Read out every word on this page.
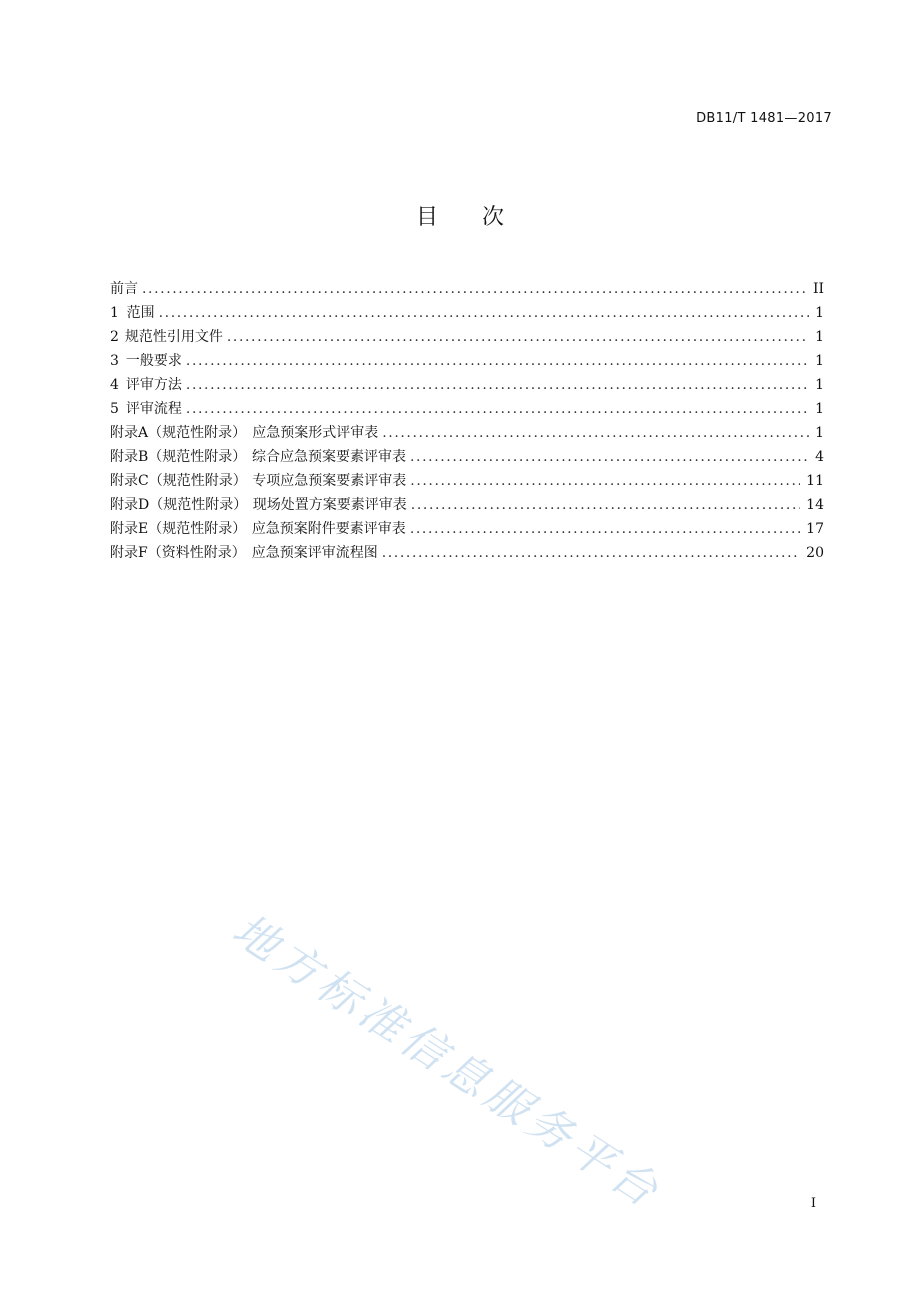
DB11/T 1481—2017
目 次
前言 .....	II
1 范围 .....	1
2 规范性引用文件 .....	1
3 一般要求 .....	1
4 评审方法 .....	1
5 评审流程 .....	1
附录A（规范性附录） 应急预案形式评审表 .....	1
附录B（规范性附录） 综合应急预案要素评审表 .....	4
附录C（规范性附录） 专项应急预案要素评审表 .....	11
附录D（规范性附录） 现场处置方案要素评审表 .....	14
附录E（规范性附录） 应急预案附件要素评审表 .....	17
附录F（资料性附录） 应急预案评审流程图 .....	20
地方标准信息服务平台	I
